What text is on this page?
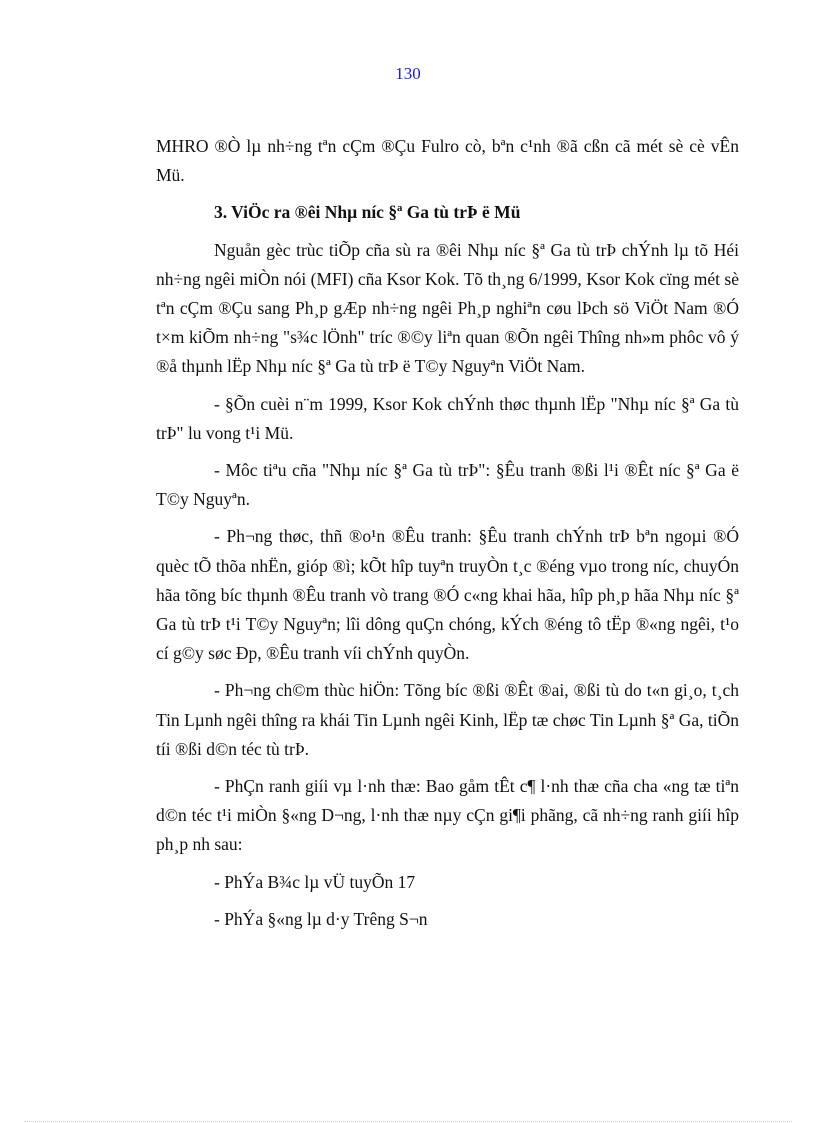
130

MHRO ®Ò lµ nh÷ng tªn cÇm ®Çu Fulro cò, bªn c¹nh ®ã cßn cã mét sè cè vÊn Mü.

3. ViÖc ra ®êi Nhµ níc §ª Ga tù trÞ ë Mü

Nguån gèc trùc tiÕp cña sù ra ®êi Nhµ níc §ª Ga tù trÞ chÝnh lµ tõ Héi nh÷ng ngêi miÒn nói (MFI) cña Ksor Kok. Tõ th¸ng 6/1999, Ksor Kok cïng mét sè tªn cÇm ®Çu sang Ph¸p gÆp nh÷ng ngêi Ph¸p nghiªn cøu lÞch sö ViÖt Nam ®Ó t×m kiÕm nh÷ng "s¾c lÖnh" tríc ®©y liªn quan ®Õn ngêi Thîng nh»m phôc vô ý ®å thµnh lËp Nhµ níc §ª Ga tù trÞ ë T©y Nguyªn ViÖt Nam.

- §Õn cuèi n¨m 1999, Ksor Kok chÝnh thøc thµnh lËp "Nhµ níc §ª Ga tù trÞ" lu vong t¹i Mü.

- Môc tiªu cña "Nhµ níc §ª Ga tù trÞ": §Êu tranh ®ßi l¹i ®Êt níc §ª Ga ë T©y Nguyªn.

- Ph¬ng thøc, thñ ®o¹n ®Êu tranh: §Êu tranh chÝnh trÞ bªn ngoµi ®Ó quèc tÕ thõa nhËn, gióp ®ì; kÕt hîp tuyªn truyÒn t¸c ®éng vµo trong níc, chuyÓn hãa tõng bíc thµnh ®Êu tranh vò trang ®Ó c«ng khai hãa, hîp ph¸p hãa Nhµ níc §ª Ga tù trÞ t¹i T©y Nguyªn; lîi dông quÇn chóng, kÝch ®éng tô tËp ®«ng ngêi, t¹o cí g©y søc Ðp, ®Êu tranh víi chÝnh quyÒn.

- Ph¬ng ch©m thùc hiÖn: Tõng bíc ®ßi ®Êt ®ai, ®ßi tù do t«n gi¸o, t¸ch Tin Lµnh ngêi thîng ra khái Tin Lµnh ngêi Kinh, lËp tæ chøc Tin Lµnh §ª Ga, tiÕn tíi ®ßi d©n téc tù trÞ.

- PhÇn ranh giíi vµ l·nh thæ: Bao gåm tÊt c¶ l·nh thæ cña cha «ng tæ tiªn d©n téc t¹i miÒn §«ng D¬ng, l·nh thæ nµy cÇn gi¶i phãng, cã nh÷ng ranh giíi hîp ph¸p nh sau:

- PhÝa B¾c lµ vÜ tuyÕn 17

- PhÝa §«ng lµ d·y Trêng S¬n
